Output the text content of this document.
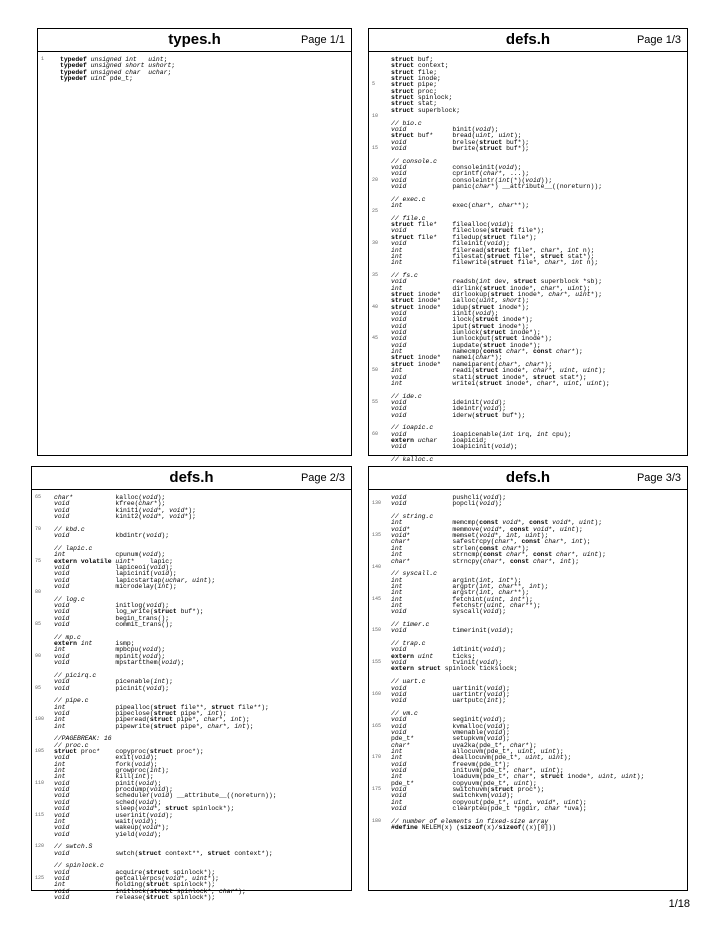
types.h	Page 1/1
1	typedef unsigned int uint;
typedef unsigned short ushort;
typedef unsigned char uchar;
typedef uint pde_t;
defs.h	Page 1/3
struct buf;
struct context;
struct file;
struct inode;
5	struct pipe;
struct proc;
struct spinlock;
struct stat;
struct superblock;
10
// bio.c
void	binit(void);
struct buf*	bread(uint, uint);
void	brelse(struct buf*);
15	void	bwrite(struct buf*);
// console.c
void	consoleinit(void);
void	cprintf(char*, ...);
20	void	consoleintr(int(*)(void));
void	panic(char*) __attribute__((noreturn));
// exec.c
int	exec(char*, char**);
25
// file.c
struct file* filealloc(void);
void	fileclose(struct file*);
struct file* filedup(struct file*);
30	void	fileinit(void);
int	fileread(struct file*, char*, int n);
int	filestat(struct file*, struct stat*);
int	filewrite(struct file*, char*, int n);
35	// fs.c
void	readsb(int dev, struct superblock *sb);
int	dirlink(struct inode*, char*, uint);
struct inode* dirlookup(struct inode*, char*, uint*);
struct inode* ialloc(uint, short);
40	struct inode* idup(struct inode*);
void	iinit(void);
void	ilock(struct inode*);
void	iput(struct inode*);
void	iunlock(struct inode*);
45	void	iunlockput(struct inode*);
void	iupdate(struct inode*);
int	namecmp(const char*, const char*);
struct inode* namei(char*);
struct inode* nameiparent(char*, char*);
50	int	readi(struct inode*, char*, uint, uint);
void	stati(struct inode*, struct stat*);
int	writei(struct inode*, char*, uint, uint);
// ide.c
55	void	ideinit(void);
void	ideintr(void);
void	iderw(struct buf*);
// ioapic.c
60	void	ioapicenable(int irq, int cpu);
extern uchar ioapicid;
void	ioapicinit(void);
// kalloc.c
defs.h	Page 2/3
65	char*	kalloc(void);
void	kfree(char*);
void	kinit1(void*, void*);
void	kinit2(void*, void*);
70	// kbd.c
void	kbdintr(void);
// lapic.c
int	cpunum(void);
75	extern volatile uint* lapic;
void	lapiceoi(void);
void	lapicinit(void);
void	lapicstartap(uchar, uint);
void	microdelay(int);
80
// log.c
void	initlog(void);
void	log_write(struct buf*);
void	begin_trans();
85	void	commit_trans();
// mp.c
extern int	ismp;
int	mpbcpu(void);
90	void	mpinit(void);
void	mpstartthem(void);
// picirq.c
void	picenable(int);
95	void	picinit(void);
// pipe.c
int	pipealloc(struct file**, struct file**);
void	pipeclose(struct pipe*, int);
100	int	piperead(struct pipe*, char*, int);
int	pipewrite(struct pipe*, char*, int);
//PAGEBREAK: 16
// proc.c
105	struct proc* copyproc(struct proc*);
void	exit(void);
int	fork(void);
int	growproc(int);
int	kill(int);
110	void	pinit(void);
void	procdump(void);
void	scheduler(void) __attribute__((noreturn));
void	sched(void);
void	sleep(void*, struct spinlock*);
115	void	userinit(void);
int	wait(void);
void	wakeup(void*);
void	yield(void);
120	// swtch.S
void	swtch(struct context**, struct context*);
// spinlock.c
void	acquire(struct spinlock*);
125	void	getcallerpcs(void*, uint*);
int	holding(struct spinlock*);
void	initlock(struct spinlock*, char*);
void	release(struct spinlock*);
defs.h	Page 3/3
void	pushcli(void);
130	void	popcli(void);
// string.c
int	memcmp(const void*, const void*, uint);
void*	memmove(void*, const void*, uint);
135	void*	memset(void*, int, uint);
char*	safestrcpy(char*, const char*, int);
int	strlen(const char*);
int	strncmp(const char*, const char*, uint);
char*	strncpy(char*, const char*, int);
140
// syscall.c
int	argint(int, int*);
int	argptr(int, char**, int);
int	argstr(int, char**);
145	int	fetchint(uint, int*);
int	fetchstr(uint, char**);
void	syscall(void);
// timer.c
150	void	timerinit(void);
// trap.c
void	idtinit(void);
extern uint	ticks;
155	void	tvinit(void);
extern struct spinlock tickslock;
// uart.c
void	uartinit(void);
160	void	uartintr(void);
void	uartputc(int);
// vm.c
void	seginit(void);
165	void	kvmalloc(void);
void	vmenable(void);
pde_t*	setupkvm(void);
char*	uva2ka(pde_t*, char*);
int	allocuvm(pde_t*, uint, uint);
170	int	deallocuvm(pde_t*, uint, uint);
void	freevm(pde_t*);
void	inituvm(pde_t*, char*, uint);
int	loaduvm(pde_t*, char*, struct inode*, uint, uint);
pde_t*	copyuvm(pde_t*, uint);
175	void	switchuvm(struct proc*);
void	switchkvm(void);
int	copyout(pde_t*, uint, void*, uint);
void	clearpteu(pde_t *pgdir, char *uva);
180	// number of elements in fixed-size array
#define NELEM(x) (sizeof(x)/sizeof((x)[0]))
1/18
